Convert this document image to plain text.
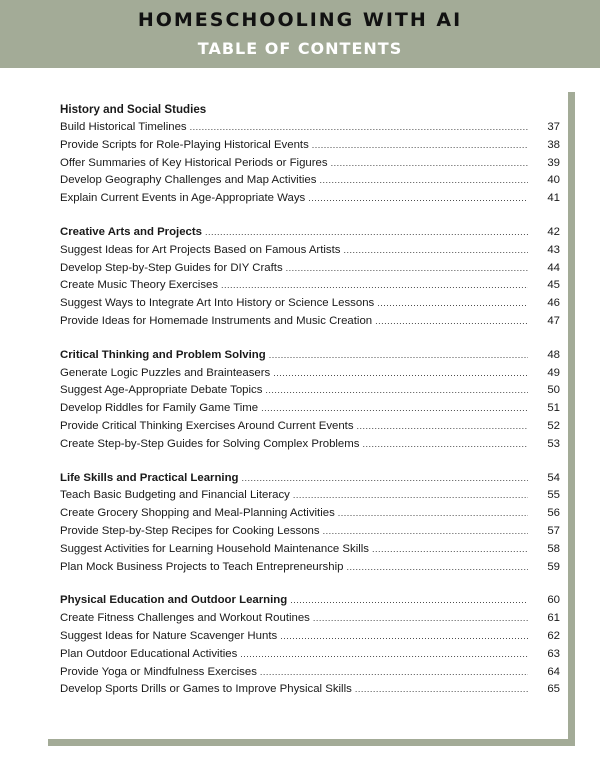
HOMESCHOOLING WITH AI
TABLE OF CONTENTS
History and Social Studies
Build Historical Timelines .....	37
Provide Scripts for Role-Playing Historical Events .....	38
Offer Summaries of Key Historical Periods or Figures .....	39
Develop Geography Challenges and Map Activities .....	40
Explain Current Events in Age-Appropriate Ways .....	41
Creative Arts and Projects .....	42
Suggest Ideas for Art Projects Based on Famous Artists .....	43
Develop Step-by-Step Guides for DIY Crafts .....	44
Create Music Theory Exercises .....	45
Suggest Ways to Integrate Art Into History or Science Lessons .....	46
Provide Ideas for Homemade Instruments and Music Creation .....	47
Critical Thinking and Problem Solving .....	48
Generate Logic Puzzles and Brainteasers .....	49
Suggest Age-Appropriate Debate Topics .....	50
Develop Riddles for Family Game Time .....	51
Provide Critical Thinking Exercises Around Current Events .....	52
Create Step-by-Step Guides for Solving Complex Problems .....	53
Life Skills and Practical Learning .....	54
Teach Basic Budgeting and Financial Literacy .....	55
Create Grocery Shopping and Meal-Planning Activities .....	56
Provide Step-by-Step Recipes for Cooking Lessons .....	57
Suggest Activities for Learning Household Maintenance Skills .....	58
Plan Mock Business Projects to Teach Entrepreneurship .....	59
Physical Education and Outdoor Learning .....	60
Create Fitness Challenges and Workout Routines .....	61
Suggest Ideas for Nature Scavenger Hunts .....	62
Plan Outdoor Educational Activities .....	63
Provide Yoga or Mindfulness Exercises .....	64
Develop Sports Drills or Games to Improve Physical Skills .....	65
